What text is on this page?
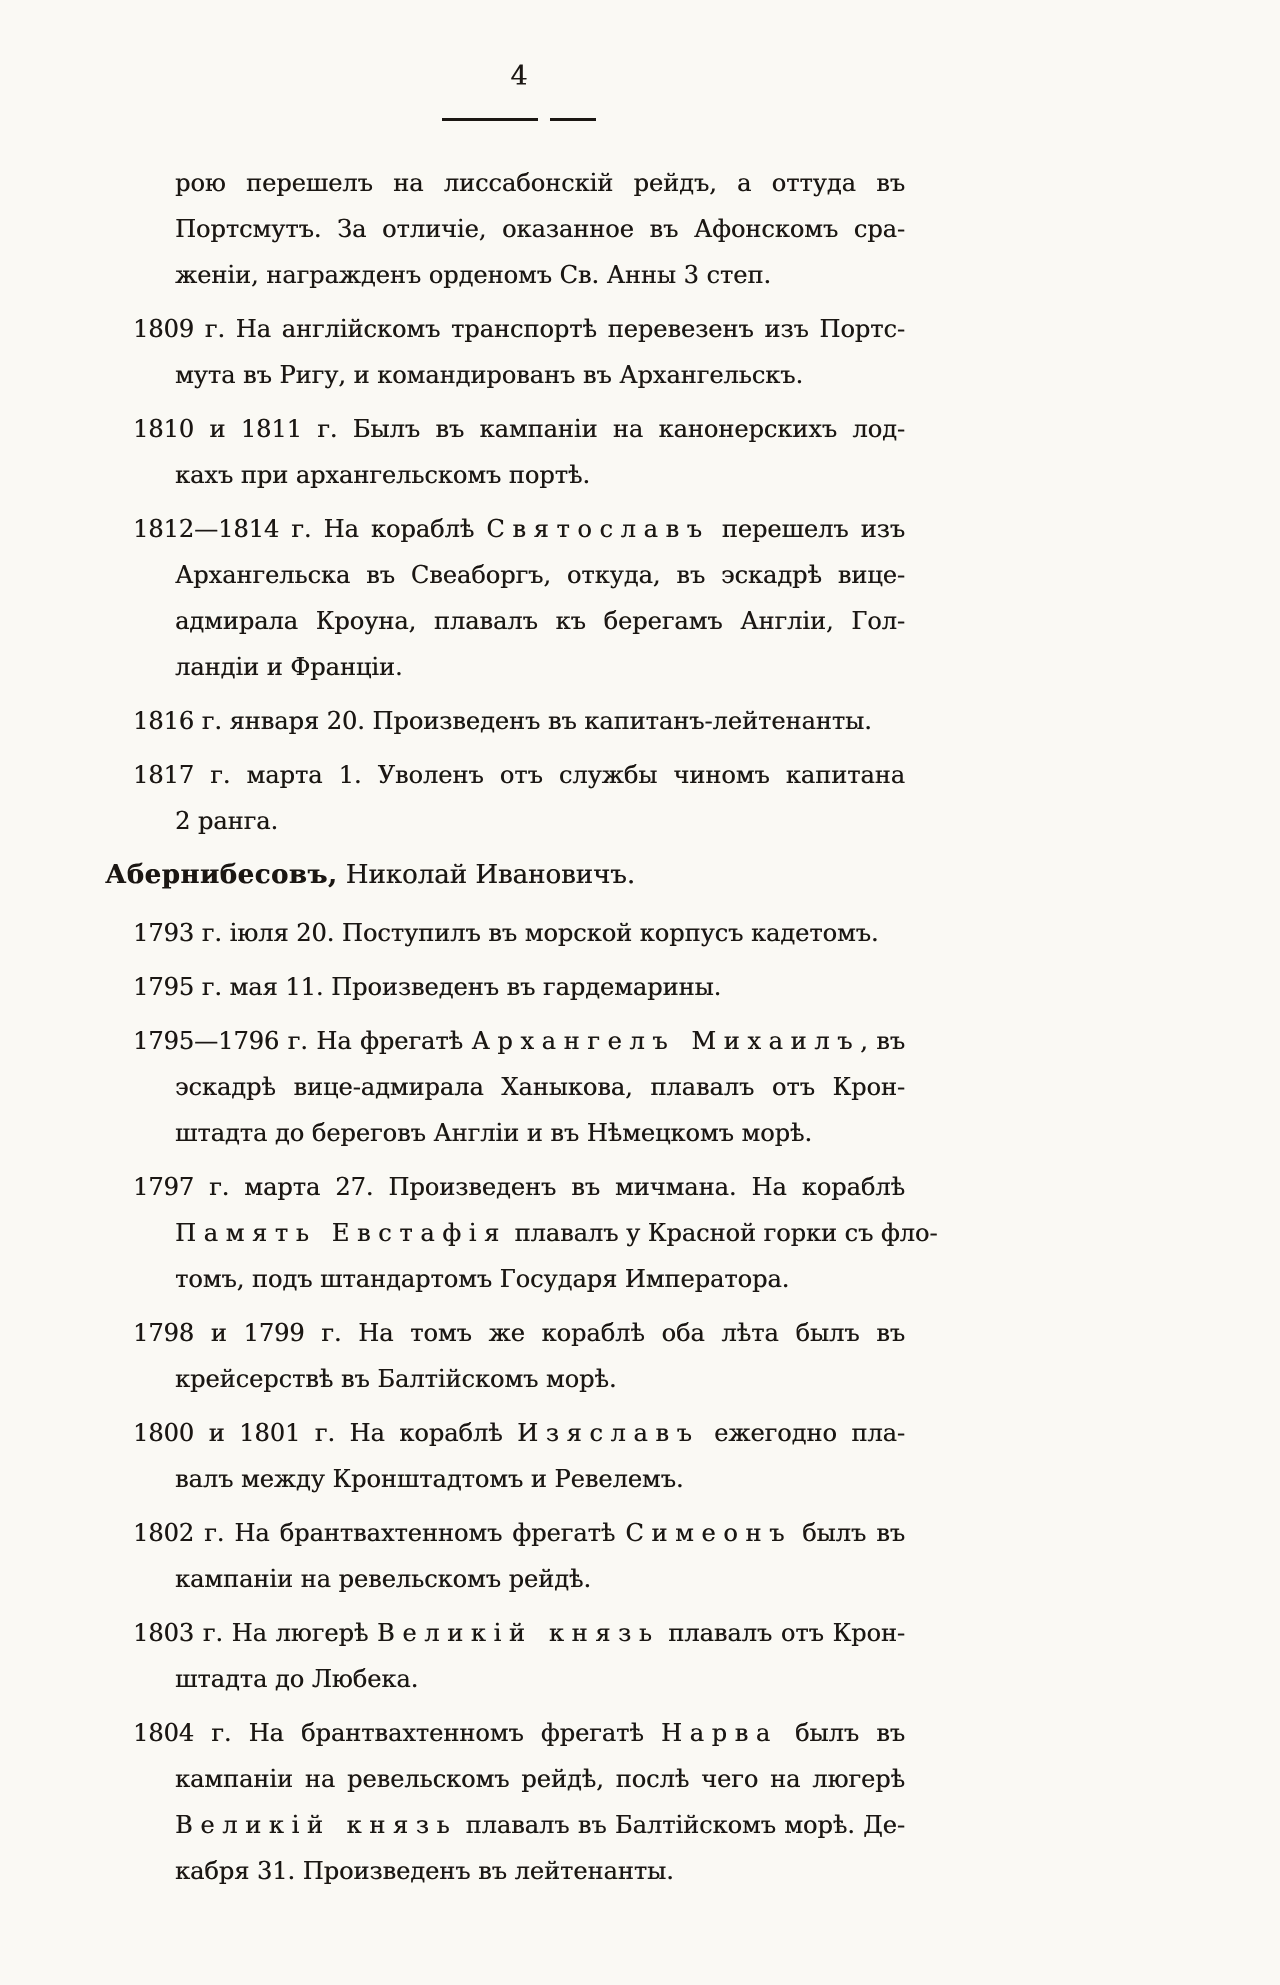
4
рою перешелъ на лиссабонскій рейдъ, а оттуда въ
Портсмутъ. За отличіе, оказанное въ Афонскомъ сра-
женіи, награжденъ орденомъ Св. Анны 3 степ.
1809 г. На англійскомъ транспортѣ перевезенъ изъ Портс-
мута въ Ригу, и командированъ въ Архангельскъ.
1810 и 1811 г. Былъ въ кампаніи на канонерскихъ лод-
кахъ при архангельскомъ портѣ.
1812—1814 г. На кораблѣ Святославъ перешелъ изъ
Архангельска въ Свеаборгъ, откуда, въ эскадрѣ вице-
адмирала Кроуна, плавалъ къ берегамъ Англіи, Гол-
ландіи и Франціи.
1816 г. января 20. Произведенъ въ капитанъ-лейтенанты.
1817 г. марта 1. Уволенъ отъ службы чиномъ капитана
2 ранга.
Абернибесовъ, Николай Ивановичъ.
1793 г. іюля 20. Поступилъ въ морской корпусъ кадетомъ.
1795 г. мая 11. Произведенъ въ гардемарины.
1795—1796 г. На фрегатѣ Архангелъ Михаилъ, въ
эскадрѣ вице-адмирала Ханыкова, плавалъ отъ Крон-
штадта до береговъ Англіи и въ Нѣмецкомъ морѣ.
1797 г. марта 27. Произведенъ въ мичмана. На кораблѣ
Память Евстафія плавалъ у Красной горки съ фло-
томъ, подъ штандартомъ Государя Императора.
1798 и 1799 г. На томъ же кораблѣ оба лѣта былъ въ
крейсерствѣ въ Балтійскомъ морѣ.
1800 и 1801 г. На кораблѣ Изяславъ ежегодно пла-
валъ между Кронштадтомъ и Ревелемъ.
1802 г. На брантвахтенномъ фрегатѣ Симеонъ былъ въ
кампаніи на ревельскомъ рейдѣ.
1803 г. На люгерѣ Великій князь плавалъ отъ Крон-
штадта до Любека.
1804 г. На брантвахтенномъ фрегатѣ Нарва былъ въ
кампаніи на ревельскомъ рейдѣ, послѣ чего на люгерѣ
Великій князь плавалъ въ Балтійскомъ морѣ. Де-
кабря 31. Произведенъ въ лейтенанты.
